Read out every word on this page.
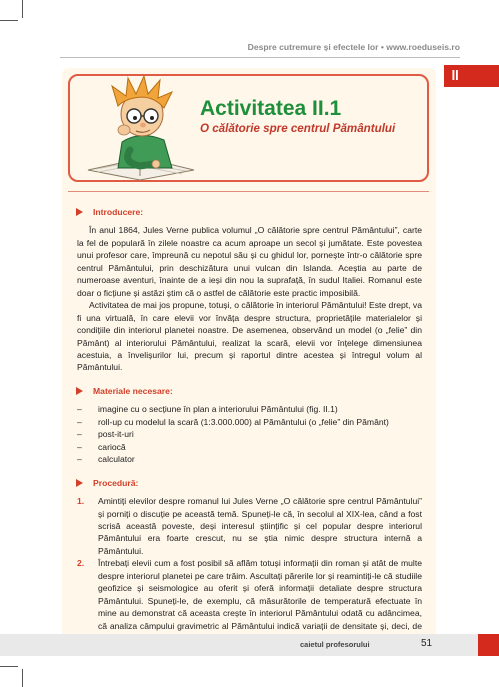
Despre cutremure și efectele lor • www.roeduseis.ro
II
Activitatea II.1
O călătorie spre centrul Pământului

Introducere:

În anul 1864, Jules Verne publica volumul „O călătorie spre centrul Pământului”, carte la fel de populară în zilele noastre ca acum aproape un secol și jumătate. Este povestea unui profesor care, împreună cu nepotul său și cu ghidul lor, pornește într-o călătorie spre centrul Pământului, prin deschizătura unui vulcan din Islanda. Aceștia au parte de numeroase aventuri, înainte de a ieși din nou la suprafață, în sudul Italiei. Romanul este doar o ficțiune și astăzi știm că o astfel de călătorie este practic imposibilă.

Activitatea de mai jos propune, totuși, o călătorie în interiorul Pământului! Este drept, va fi una virtuală, în care elevii vor învăța despre structura, proprietățile materialelor și condițiile din interiorul planetei noastre. De asemenea, observând un model (o „felie” din Pământ) al interiorului Pământului, realizat la scară, elevii vor înțelege dimensiunea acestuia, a învelișurilor lui, precum și raportul dintre acestea și întregul volum al Pământului.

Materiale necesare:

– imagine cu o secțiune în plan a interiorului Pământului (fig. II.1)
– roll-up cu modelul la scară (1:3.000.000) al Pământului (o „felie” din Pământ)
– post-it-uri
– cariocă
– calculator

Procedură:

1. Amintiți elevilor despre romanul lui Jules Verne „O călătorie spre centrul Pământului” și porniți o discuție pe această temă. Spuneți-le că, în secolul al XIX-lea, când a fost scrisă această poveste, deși interesul științific și cel popular despre interiorul Pământului era foarte crescut, nu se știa nimic despre structura internă a Pământului.
2. Întrebați elevii cum a fost posibil să aflăm totuși informații din roman și atât de multe despre interiorul planetei pe care trăim. Ascultați părerile lor și reamintiți-le că studiile geofizice și seismologice au oferit și oferă informații detaliate despre structura Pământului. Spuneți-le, de exemplu, că măsurătorile de temperatură efectuate în mine au demonstrat că aceasta crește în interiorul Pământului odată cu adâncimea, că analiza câmpului gravimetric al Pământului indică variații de densitate și, deci, de
caietul profesorului	51
